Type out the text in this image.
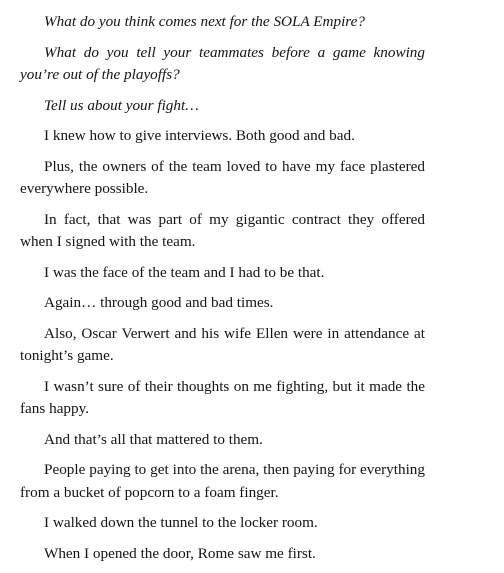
What do you think comes next for the SOLA Empire?

What do you tell your teammates before a game knowing you’re out of the playoffs?

Tell us about your fight…

I knew how to give interviews. Both good and bad.

Plus, the owners of the team loved to have my face plastered everywhere possible.

In fact, that was part of my gigantic contract they offered when I signed with the team.

I was the face of the team and I had to be that.

Again… through good and bad times.

Also, Oscar Verwert and his wife Ellen were in attendance at tonight’s game.

I wasn’t sure of their thoughts on me fighting, but it made the fans happy.

And that’s all that mattered to them.

People paying to get into the arena, then paying for everything from a bucket of popcorn to a foam finger.

I walked down the tunnel to the locker room.

When I opened the door, Rome saw me first.
